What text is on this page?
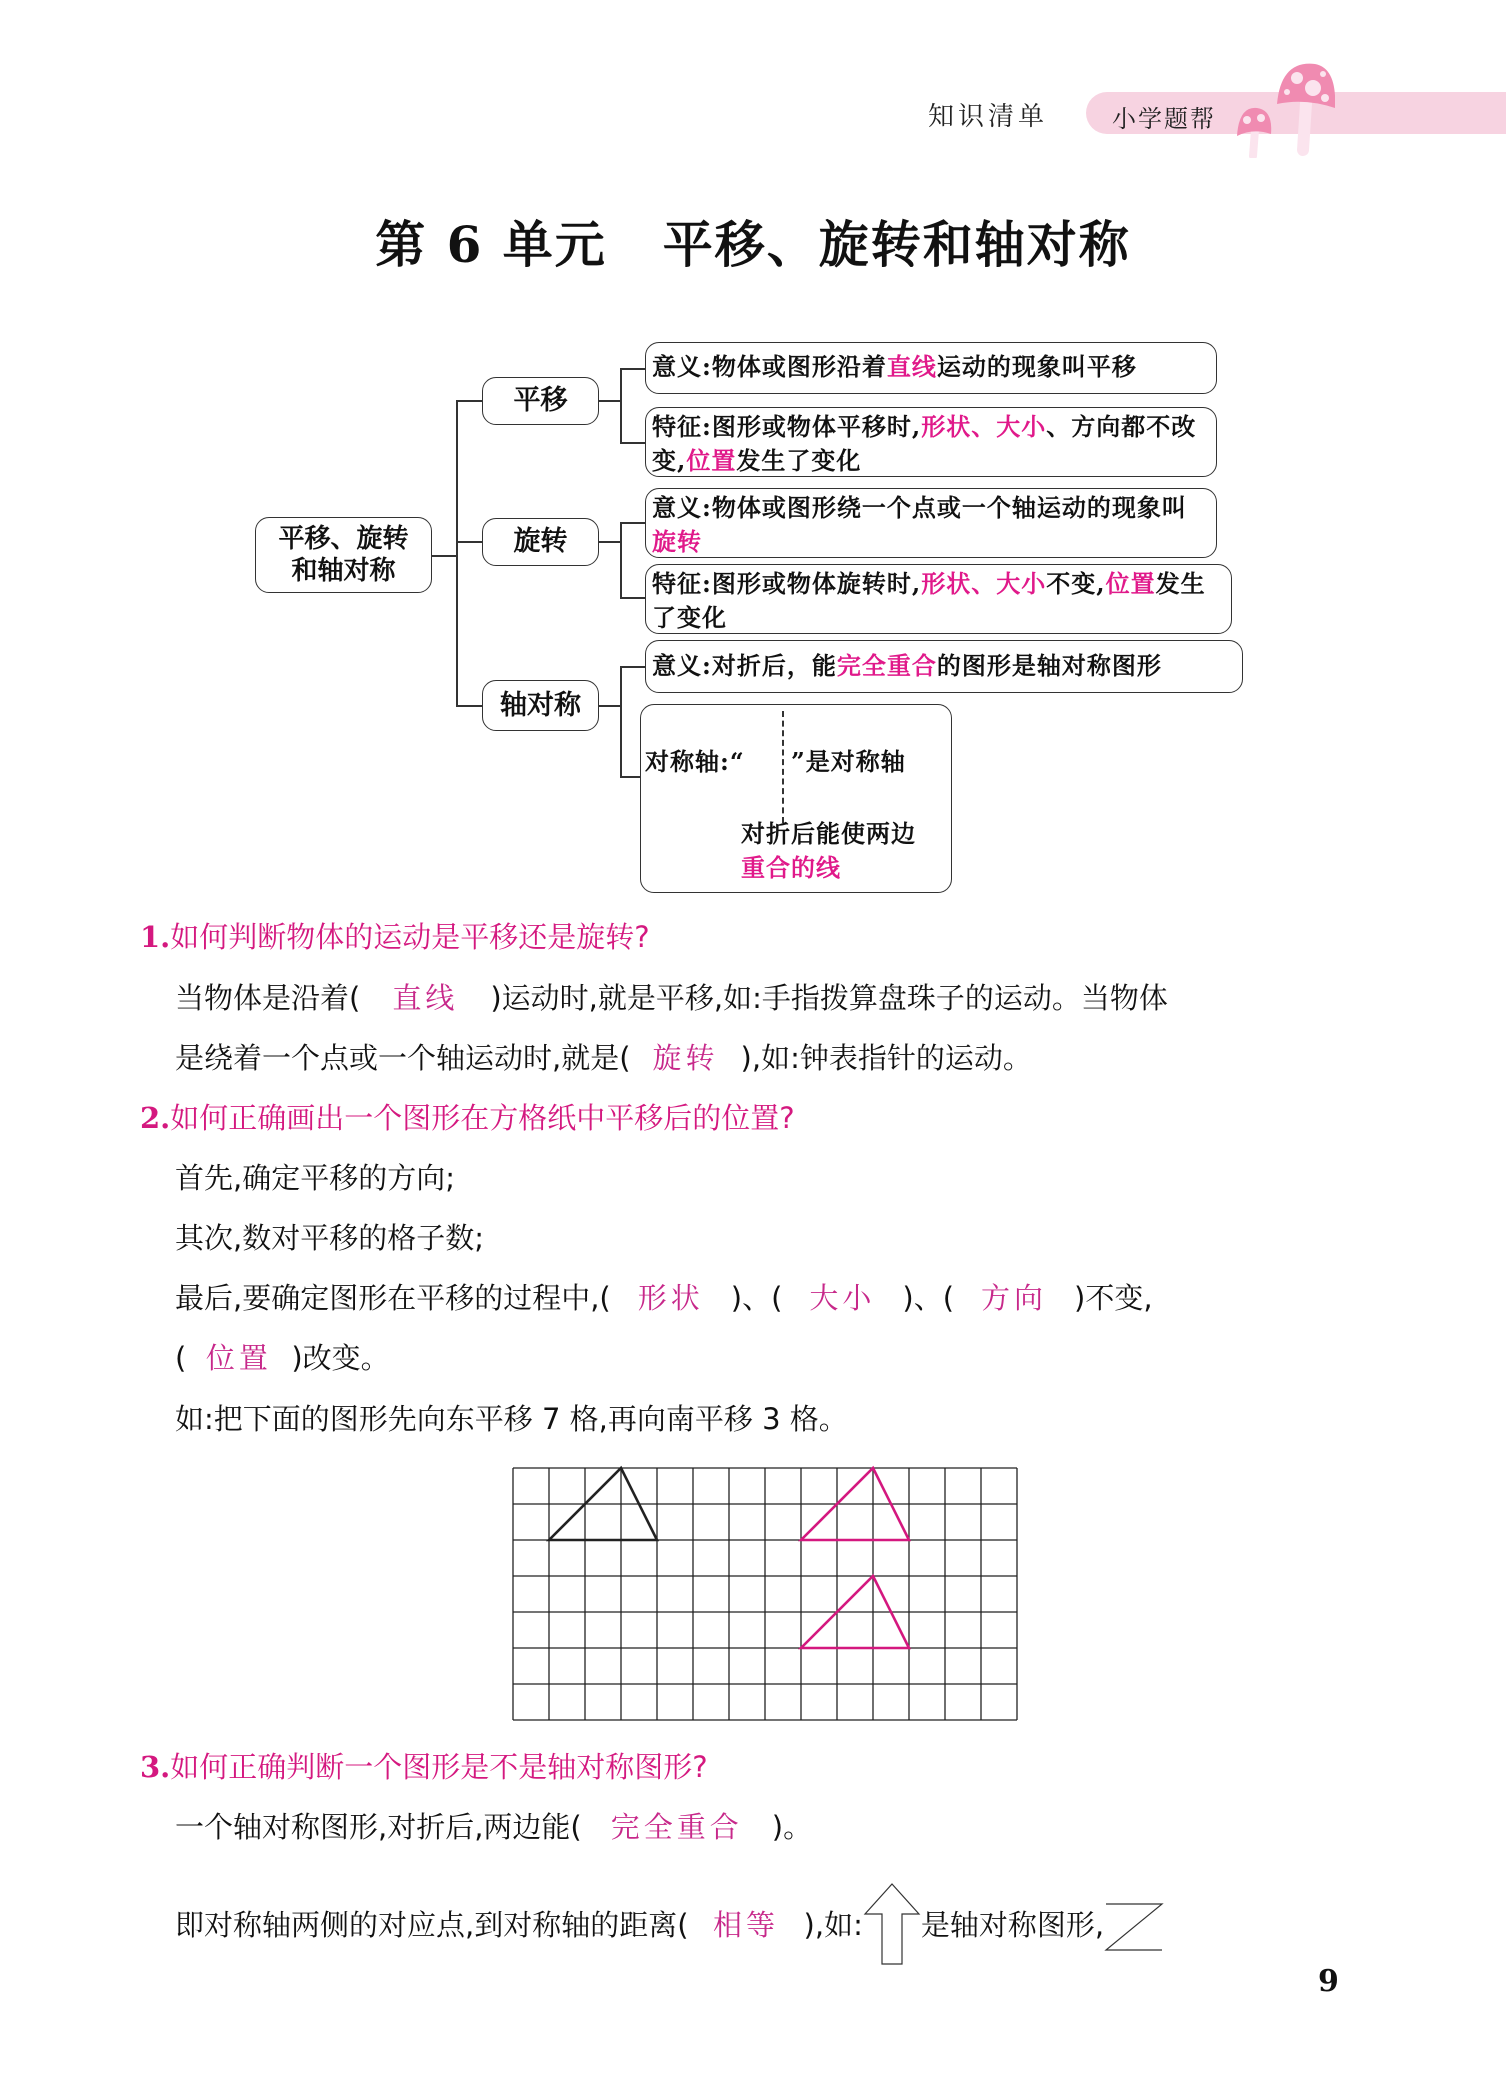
知识清单	小学题帮
第 6 单元 平移、旋转和轴对称
平移、旋转
和轴对称
平移
旋转
轴对称
意义:物体或图形沿着直线运动的现象叫平移
特征:图形或物体平移时,形状、大小、方向都不改变,位置发生了变化
意义:物体或图形绕一个点或一个轴运动的现象叫旋转
特征:图形或物体旋转时,形状、大小不变,位置发生了变化
意义:对折后，能完全重合的图形是轴对称图形
对称轴:“ ”是对称轴
对折后能使两边
重合的线
1.如何判断物体的运动是平移还是旋转?
当物体是沿着( 直线 )运动时,就是平移,如:手指拨算盘珠子的运动。当物体
是绕着一个点或一个轴运动时,就是( 旋转 ),如:钟表指针的运动。
2.如何正确画出一个图形在方格纸中平移后的位置?
首先,确定平移的方向;
其次,数对平移的格子数;
最后,要确定图形在平移的过程中,( 形状 )、( 大小 )、( 方向 )不变,
( 位置 )改变。
如:把下面的图形先向东平移 7 格,再向南平移 3 格。
3.如何正确判断一个图形是不是轴对称图形?
一个轴对称图形,对折后,两边能( 完全重合 )。
即对称轴两侧的对应点,到对称轴的距离( 相等 ),如: 是轴对称图形,
9
